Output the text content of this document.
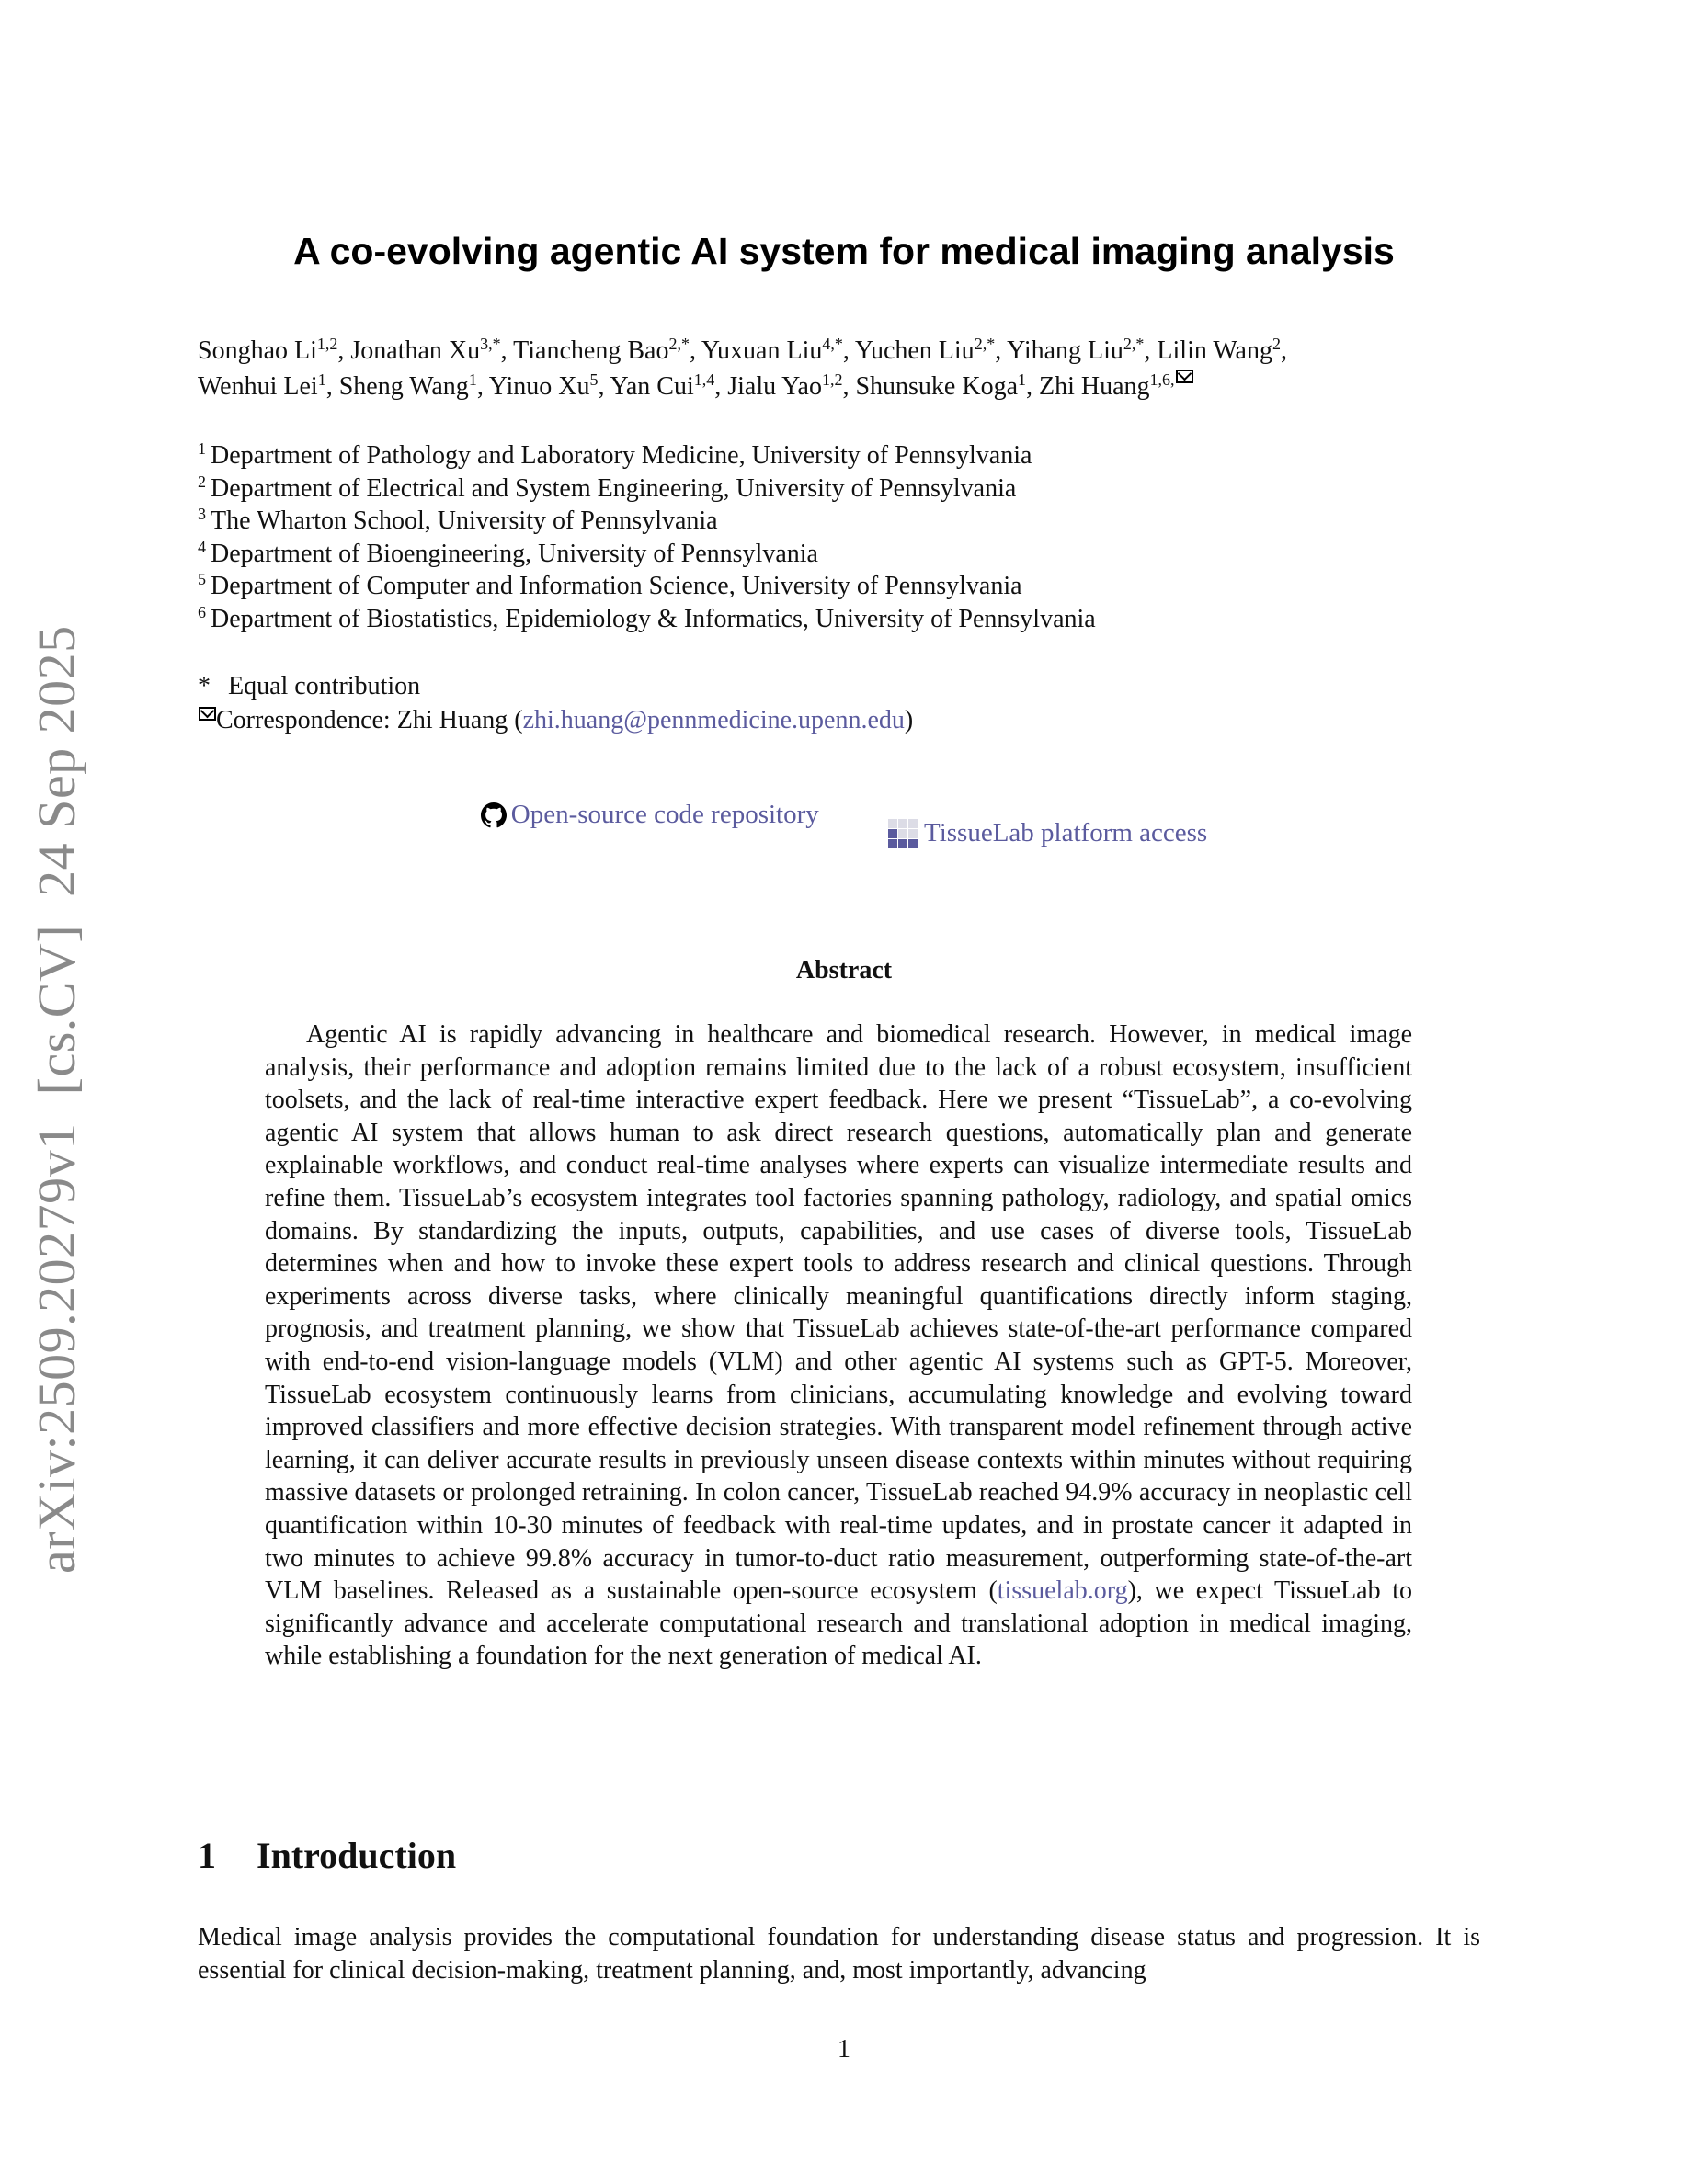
arXiv:2509.20279v1  [cs.CV]  24 Sep 2025
A co-evolving agentic AI system for medical imaging analysis
Songhao Li$^{1,2}$, Jonathan $Xu^{3,*}$, Tiancheng Bao$^{2,*}$, Yuxuan Liu$^{4,*}$, Yuchen Liu$^{2,*}$, Yihang Liu$^{2,*}$, Lilin Wang$^2$,
Wenhui Lei$^1$, Sheng Wang$^1$, Yinuo Xu$^5$, Yan Cui$^{1,4}$, Jialu Yao$^{1,2}$, Shunsuke Koga$^1$, Zhi Huang$^{1,6,}$
$^1$ Department of Pathology and Laboratory Medicine, University of Pennsylvania
$^2$ Department of Electrical and System Engineering, University of Pennsylvania
$^3$ The Wharton School, University of Pennsylvania
$^4$ Department of Bioengineering, University of Pennsylvania
$^5$ Department of Computer and Information Science, University of Pennsylvania
$^6$ Department of Biostatistics, Epidemiology & Informatics, University of Pennsylvania
* Equal contribution
Correspondence: Zhi Huang (zhi.huang@pennmedicine.upenn.edu)
Open-source code repository

TissueLab platform access
Abstract

Agentic AI is rapidly advancing in healthcare and biomedical research. However, in medical image analysis, their performance and adoption remains limited due to the lack of a robust ecosystem, insufficient toolsets, and the lack of real-time interactive expert feedback. Here we present “TissueLab”, a co-evolving agentic AI system that allows human to ask direct research questions, automatically plan and generate explainable workflows, and conduct real-time analyses where experts can visualize intermediate results and refine them. TissueLab’s ecosystem integrates tool factories spanning pathology, radiology, and spatial omics domains. By standardizing the inputs, outputs, capabilities, and use cases of diverse tools, TissueLab determines when and how to invoke these expert tools to address research and clinical questions. Through experiments across diverse tasks, where clinically meaningful quantifications directly inform staging, prognosis, and treatment planning, we show that TissueLab achieves state-of-the-art performance compared with end-to-end vision-language models (VLM) and other agentic AI systems such as GPT-5. Moreover, TissueLab ecosystem continuously learns from clinicians, accumulating knowledge and evolving toward improved classifiers and more effective decision strategies. With transparent model refinement through active learning, it can deliver accurate results in previously unseen disease contexts within minutes without requiring massive datasets or prolonged retraining. In colon cancer, TissueLab reached 94.9% accuracy in neoplastic cell quantification within 10-30 minutes of feedback with real-time updates, and in prostate cancer it adapted in two minutes to achieve 99.8% accuracy in tumor-to-duct ratio measurement, outperforming state-of-the-art VLM baselines. Released as a sustainable open-source ecosystem (tissuelab.org), we expect TissueLab to significantly advance and accelerate computational research and translational adoption in medical imaging, while establishing a foundation for the next generation of medical AI.

1 Introduction

Medical image analysis provides the computational foundation for understanding disease status and progression. It is essential for clinical decision-making, treatment planning, and, most importantly, advancing

1
